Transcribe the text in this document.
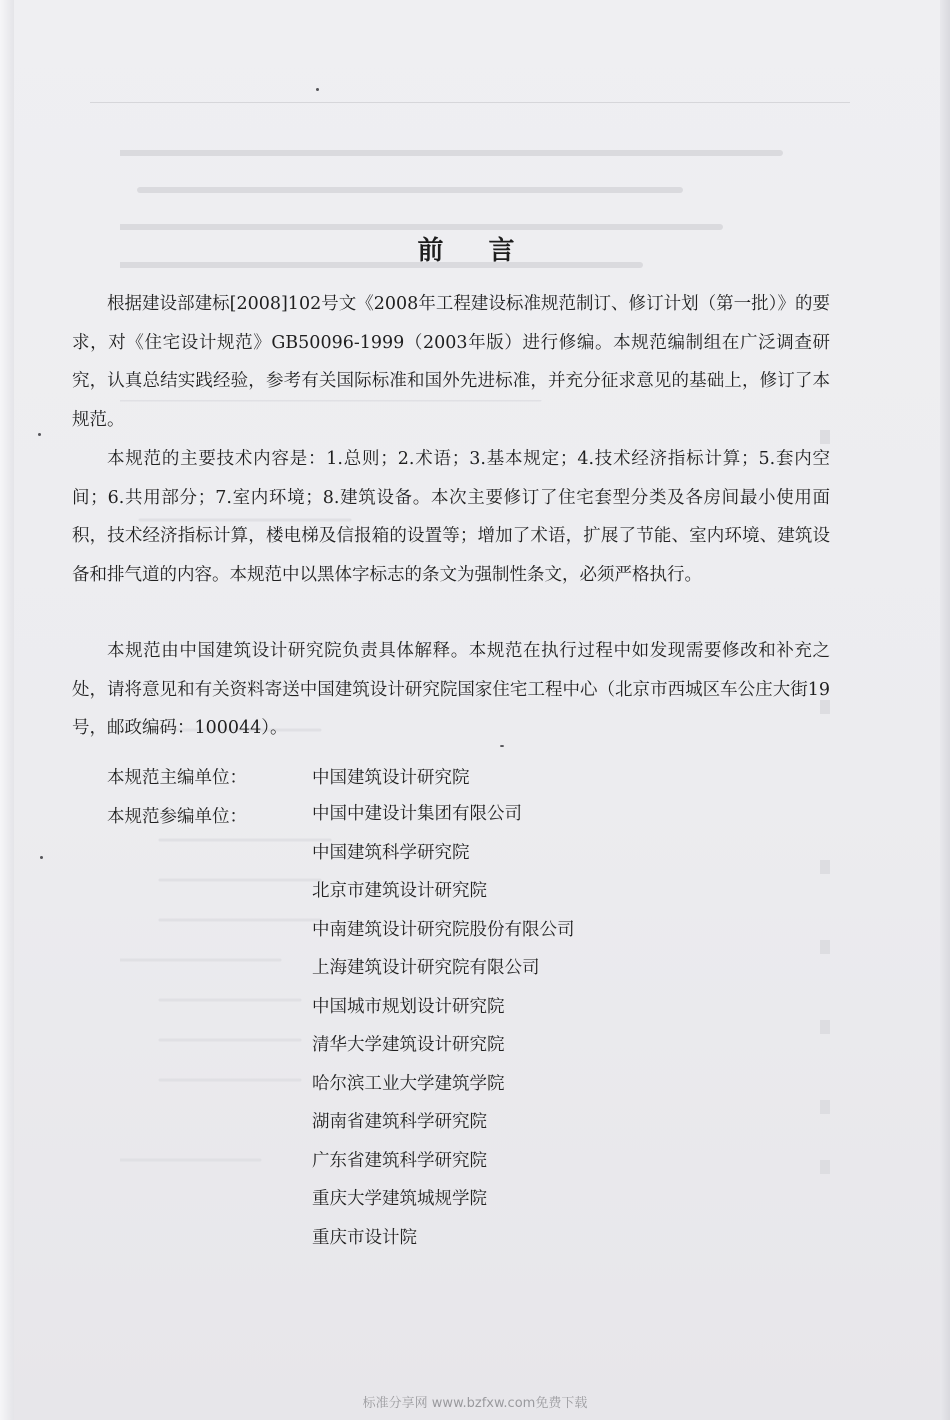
前 言

根据建设部建标[2008]102号文《2008年工程建设标准规范制订、修订计划（第一批）》的要求，对《住宅设计规范》GB50096-1999（2003年版）进行修编。本规范编制组在广泛调查研究，认真总结实践经验，参考有关国际标准和国外先进标准，并充分征求意见的基础上，修订了本规范。

本规范的主要技术内容是：1.总则；2.术语；3.基本规定；4.技术经济指标计算；5.套内空间；6.共用部分；7.室内环境；8.建筑设备。本次主要修订了住宅套型分类及各房间最小使用面积，技术经济指标计算，楼电梯及信报箱的设置等；增加了术语，扩展了节能、室内环境、建筑设备和排气道的内容。本规范中以黑体字标志的条文为强制性条文，必须严格执行。

本规范由中国建筑设计研究院负责具体解释。本规范在执行过程中如发现需要修改和补充之处，请将意见和有关资料寄送中国建筑设计研究院国家住宅工程中心（北京市西城区车公庄大街19号，邮政编码：100044）。

本规范主编单位：	中国建筑设计研究院
本规范参编单位：	中国中建设计集团有限公司
中国建筑科学研究院
北京市建筑设计研究院
中南建筑设计研究院股份有限公司
上海建筑设计研究院有限公司
中国城市规划设计研究院
清华大学建筑设计研究院
哈尔滨工业大学建筑学院
湖南省建筑科学研究院
广东省建筑科学研究院
重庆大学建筑城规学院
重庆市设计院
标准分享网 www.bzfxw.com免费下载
